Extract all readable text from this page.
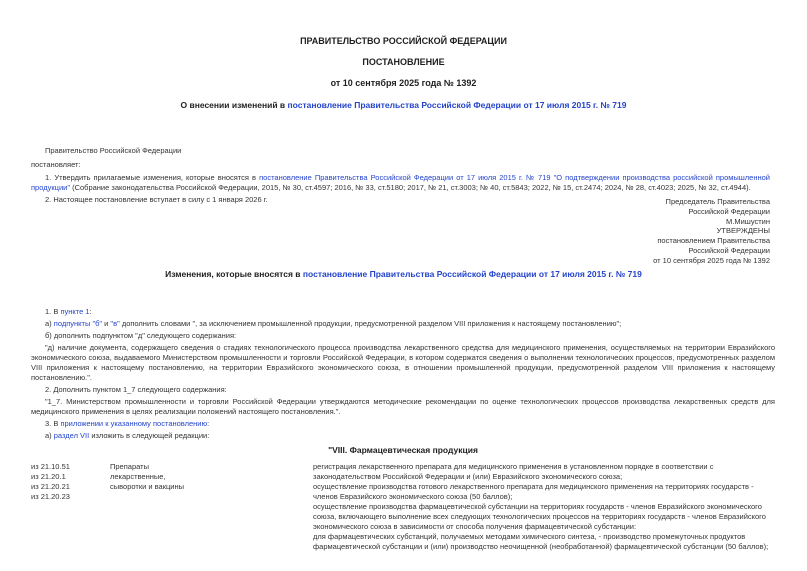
ПРАВИТЕЛЬСТВО РОССИЙСКОЙ ФЕДЕРАЦИИ
ПОСТАНОВЛЕНИЕ
от 10 сентября 2025 года № 1392
О внесении изменений в постановление Правительства Российской Федерации от 17 июля 2015 г. № 719

Правительство Российской Федерации

постановляет:

1. Утвердить прилагаемые изменения, которые вносятся в постановление Правительства Российской Федерации от 17 июля 2015 г. № 719 "О подтверждении производства российской промышленной продукции" (Собрание законодательства Российской Федерации, 2015, № 30, ст.4597; 2016, № 33, ст.5180; 2017, № 21, ст.3003; № 40, ст.5843; 2022, № 15, ст.2474; 2024, № 28, ст.4023; 2025, № 32, ст.4944).

2. Настоящее постановление вступает в силу с 1 января 2026 г.	Председатель Правительства
Российской Федерации
М.Мишустин
УТВЕРЖДЕНЫ
постановлением Правительства
Российской Федерации
от 10 сентября 2025 года № 1392
Изменения, которые вносятся в постановление Правительства Российской Федерации от 17 июля 2015 г. № 719

1. В пункте 1:

а) подпункты "б" и "в" дополнить словами ", за исключением промышленной продукции, предусмотренной разделом VIII приложения к настоящему постановлению";

б) дополнить подпунктом "д" следующего содержания:

"д) наличие документа, содержащего сведения о стадиях технологического процесса производства лекарственного средства для медицинского применения, осуществляемых на территории Евразийского экономического союза, выдаваемого Министерством промышленности и торговли Российской Федерации, в котором содержатся сведения о выполнении технологических процессов, предусмотренных разделом VIII приложения к настоящему постановлению, на территории Евразийского экономического союза, в отношении промышленной продукции, предусмотренной разделом VIII приложения к настоящему постановлению.".

2. Дополнить пунктом 1_7 следующего содержания:

"1_7. Министерством промышленности и торговли Российской Федерации утверждаются методические рекомендации по оценке технологических процессов производства лекарственных средств для медицинского применения в целях реализации положений настоящего постановления.".

3. В приложении к указанному постановлению:

а) раздел VII изложить в следующей редакции:

"VIII. Фармацевтическая продукция
из 21.10.51
из 21.20.1
из 21.20.21
из 21.20.23
Препараты
лекарственные,
сыворотки и вакцины
регистрация лекарственного препарата для медицинского применения в установленном порядке в соответствии с законодательством Российской Федерации и (или) Евразийского экономического союза;
осуществление производства готового лекарственного препарата для медицинского применения на территориях государств - членов Евразийского экономического союза (50 баллов);
осуществление производства фармацевтической субстанции на территориях государств - членов Евразийского экономического союза, включающего выполнение всех следующих технологических процессов на территориях государств - членов Евразийского экономического союза в зависимости от способа получения фармацевтической субстанции:
для фармацевтических субстанций, получаемых методами химического синтеза, - производство промежуточных продуктов фармацевтической субстанции и (или) производство неочищенной (необработанной) фармацевтической субстанции (50 баллов);
